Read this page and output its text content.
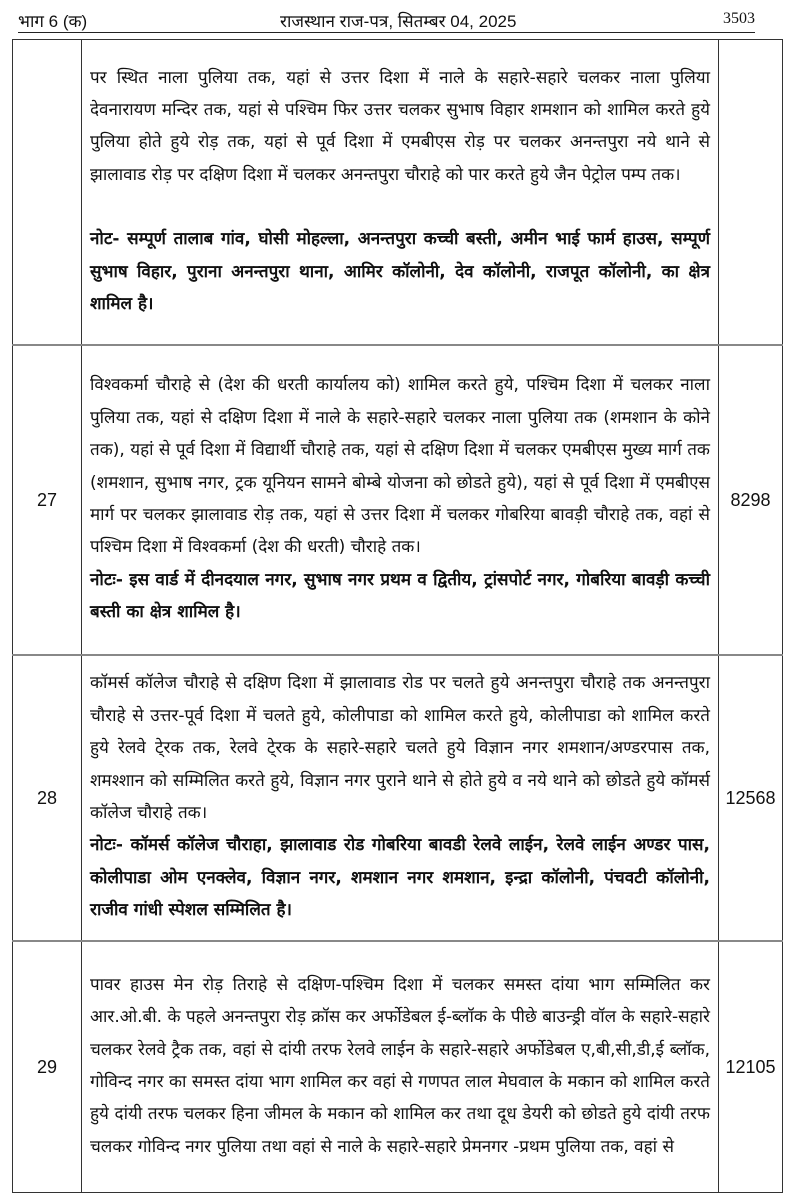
भाग 6 (क)	राजस्थान राज-पत्र, सितम्बर 04, 2025	3503

	पर स्थित नाला पुलिया तक, यहां से उत्तर दिशा में नाले के सहारे-सहारे चलकर नाला पुलिया देवनारायण मन्दिर तक, यहां से पश्चिम फिर उत्तर चलकर सुभाष विहार शमशान को शामिल करते हुये पुलिया होते हुये रोड़ तक, यहां से पूर्व दिशा में एमबीएस रोड़ पर चलकर अनन्तपुरा नये थाने से झालावाड रोड़ पर दक्षिण दिशा में चलकर अनन्तपुरा चौराहे को पार करते हुये जैन पेट्रोल पम्प तक।

नोट- सम्पूर्ण तालाब गांव, घोसी मोहल्ला, अनन्तपुरा कच्ची बस्ती, अमीन भाई फार्म हाउस, सम्पूर्ण सुभाष विहार, पुराना अनन्तपुरा थाना, आमिर कॉलोनी, देव कॉलोनी, राजपूत कॉलोनी, का क्षेत्र शामिल है।	

27	विश्वकर्मा चौराहे से (देश की धरती कार्यालय को) शामिल करते हुये, पश्चिम दिशा में चलकर नाला पुलिया तक, यहां से दक्षिण दिशा में नाले के सहारे-सहारे चलकर नाला पुलिया तक (शमशान के कोने तक), यहां से पूर्व दिशा में विद्यार्थी चौराहे तक, यहां से दक्षिण दिशा में चलकर एमबीएस मुख्य मार्ग तक (शमशान, सुभाष नगर, ट्रक यूनियन सामने बोम्बे योजना को छोडते हुये), यहां से पूर्व दिशा में एमबीएस मार्ग पर चलकर झालावाड रोड़ तक, यहां से उत्तर दिशा में चलकर गोबरिया बावड़ी चौराहे तक, वहां से पश्चिम दिशा में विश्वकर्मा (देश की धरती) चौराहे तक।

नोटः- इस वार्ड में दीनदयाल नगर, सुभाष नगर प्रथम व द्वितीय, ट्रांसपोर्ट नगर, गोबरिया बावड़ी कच्ची बस्ती का क्षेत्र शामिल है।	8298
28	कॉमर्स कॉलेज चौराहे से दक्षिण दिशा में झालावाड रोड पर चलते हुये अनन्तपुरा चौराहे तक अनन्तपुरा चौराहे से उत्तर-पूर्व दिशा में चलते हुये, कोलीपाडा को शामिल करते हुये, कोलीपाडा को शामिल करते हुये रेलवे टे्रक तक, रेलवे टे्रक के सहारे-सहारे चलते हुये विज्ञान नगर शमशान/अण्डरपास तक, शमश्शान को सम्मिलित करते हुये, विज्ञान नगर पुराने थाने से होते हुये व नये थाने को छोडते हुये कॉमर्स कॉलेज चौराहे तक।

नोटः- कॉमर्स कॉलेज चौराहा, झालावाड रोड गोबरिया बावडी रेलवे लाईन, रेलवे लाईन अण्डर पास, कोलीपाडा ओम एनक्लेव, विज्ञान नगर, शमशान नगर शमशान, इन्द्रा कॉलोनी, पंचवटी कॉलोनी, राजीव गांधी स्पेशल सम्मिलित है।	12568
29	पावर हाउस मेन रोड़ तिराहे से दक्षिण-पश्चिम दिशा में चलकर समस्त दांया भाग सम्मिलित कर आर.ओ.बी. के पहले अनन्तपुरा रोड़ क्रॉस कर अर्फोडेबल ई-ब्लॉक के पीछे बाउन्ड्री वॉल के सहारे-सहारे चलकर रेलवे ट्रैक तक, वहां से दांयी तरफ रेलवे लाईन के सहारे-सहारे अर्फोडेबल ए,बी,सी,डी,ई ब्लॉक, गोविन्द नगर का समस्त दांया भाग शामिल कर वहां से गणपत लाल मेघवाल के मकान को शामिल करते हुये दांयी तरफ चलकर हिना जीमल के मकान को शामिल कर तथा दूध डेयरी को छोडते हुये दांयी तरफ चलकर गोविन्द नगर पुलिया तथा वहां से नाले के सहारे-सहारे प्रेमनगर -प्रथम पुलिया तक, वहां से	12105
